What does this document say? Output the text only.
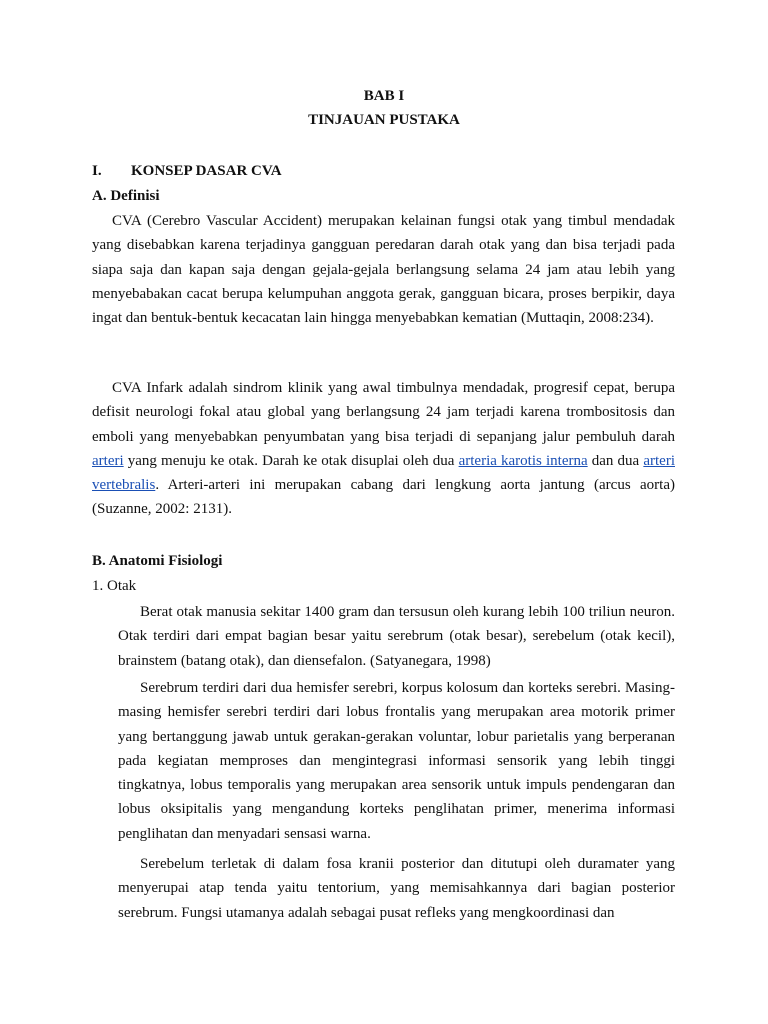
BAB I
TINJAUAN PUSTAKA
I. KONSEP DASAR CVA
A. Definisi
CVA (Cerebro Vascular Accident) merupakan kelainan fungsi otak yang timbul mendadak yang disebabkan karena terjadinya gangguan peredaran darah otak yang dan bisa terjadi pada siapa saja dan kapan saja dengan gejala-gejala berlangsung selama 24 jam atau lebih yang menyebabakan cacat berupa kelumpuhan anggota gerak, gangguan bicara, proses berpikir, daya ingat dan bentuk-bentuk kecacatan lain hingga menyebabkan kematian (Muttaqin, 2008:234).
CVA Infark adalah sindrom klinik yang awal timbulnya mendadak, progresif cepat, berupa defisit neurologi fokal atau global yang berlangsung 24 jam terjadi karena trombositosis dan emboli yang menyebabkan penyumbatan yang bisa terjadi di sepanjang jalur pembuluh darah arteri yang menuju ke otak. Darah ke otak disuplai oleh dua arteria karotis interna dan dua arteri vertebralis. Arteri-arteri ini merupakan cabang dari lengkung aorta jantung (arcus aorta) (Suzanne, 2002: 2131).
B. Anatomi Fisiologi
1. Otak
Berat otak manusia sekitar 1400 gram dan tersusun oleh kurang lebih 100 triliun neuron. Otak terdiri dari empat bagian besar yaitu serebrum (otak besar), serebelum (otak kecil), brainstem (batang otak), dan diensefalon. (Satyanegara, 1998)
Serebrum terdiri dari dua hemisfer serebri, korpus kolosum dan korteks serebri. Masing-masing hemisfer serebri terdiri dari lobus frontalis yang merupakan area motorik primer yang bertanggung jawab untuk gerakan-gerakan voluntar, lobur parietalis yang berperanan pada kegiatan memproses dan mengintegrasi informasi sensorik yang lebih tinggi tingkatnya, lobus temporalis yang merupakan area sensorik untuk impuls pendengaran dan lobus oksipitalis yang mengandung korteks penglihatan primer, menerima informasi penglihatan dan menyadari sensasi warna.
Serebelum terletak di dalam fosa kranii posterior dan ditutupi oleh duramater yang menyerupai atap tenda yaitu tentorium, yang memisahkannya dari bagian posterior serebrum. Fungsi utamanya adalah sebagai pusat refleks yang mengkoordinasi dan
